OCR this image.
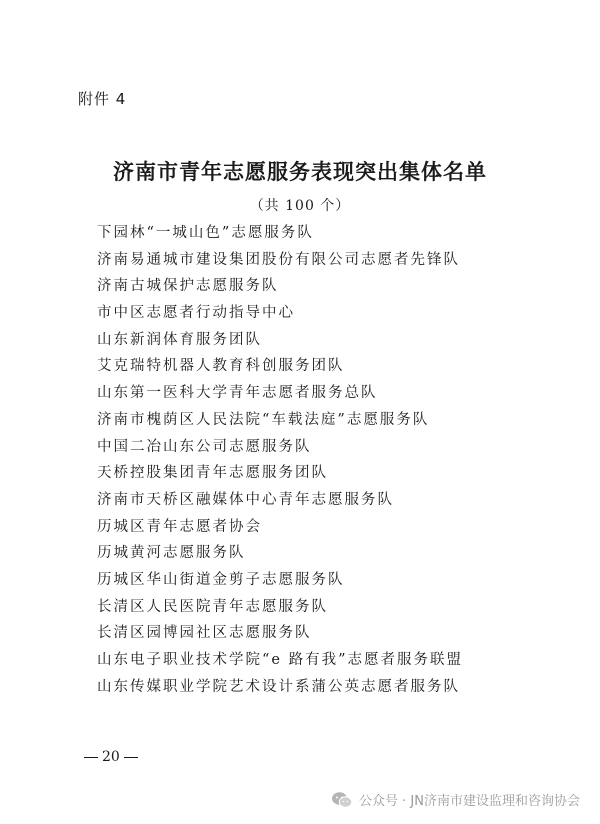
附件 4
济南市青年志愿服务表现突出集体名单
（共 100 个）
下园林“一城山色”志愿服务队
济南易通城市建设集团股份有限公司志愿者先锋队
济南古城保护志愿服务队
市中区志愿者行动指导中心
山东新润体育服务团队
艾克瑞特机器人教育科创服务团队
山东第一医科大学青年志愿者服务总队
济南市槐荫区人民法院“车载法庭”志愿服务队
中国二冶山东公司志愿服务队
天桥控股集团青年志愿服务团队
济南市天桥区融媒体中心青年志愿服务队
历城区青年志愿者协会
历城黄河志愿服务队
历城区华山街道金剪子志愿服务队
长清区人民医院青年志愿服务队
长清区园博园社区志愿服务队
山东电子职业技术学院“e 路有我”志愿者服务联盟
山东传媒职业学院艺术设计系蒲公英志愿者服务队
20
公众号 · JN济南市建设监理和咨询协会
